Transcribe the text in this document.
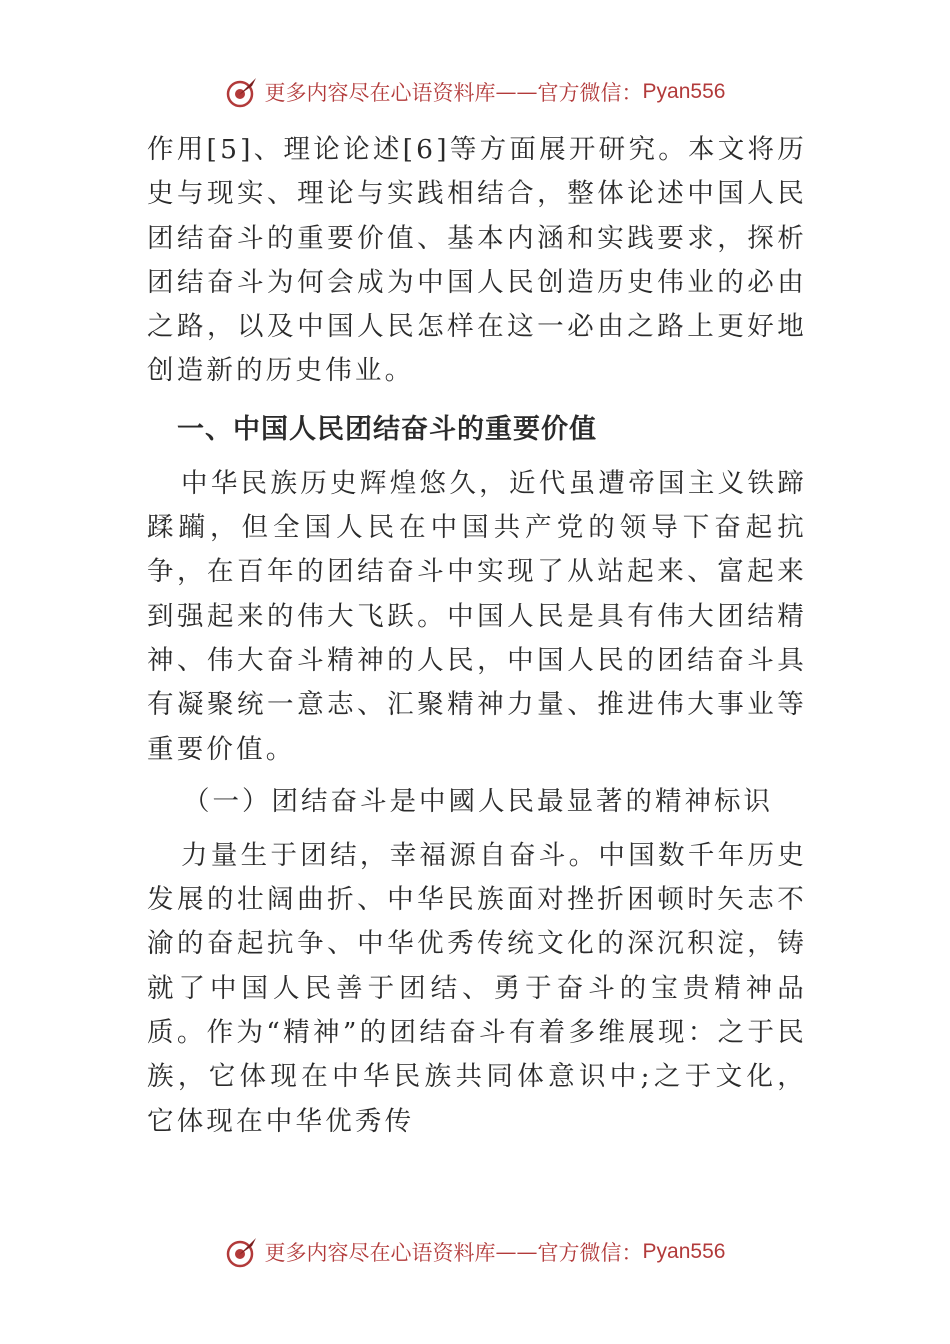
更多内容尽在心语资料库 —— 官方微信： Pyan556

作用[5]、理论论述[6]等方面展开研究。本文将历史与现实、理论与实践相结合，整体论述中国人民团结奋斗的重要价值、基本内涵和实践要求，探析团结奋斗为何会成为中国人民创造历史伟业的必由之路，以及中国人民怎样在这一必由之路上更好地创造新的历史伟业。

一、中国人民团结奋斗的重要价值

中华民族历史辉煌悠久，近代虽遭帝国主义铁蹄蹂躏，但全国人民在中国共产党的领导下奋起抗争，在百年的团结奋斗中实现了从站起来、富起来到强起来的伟大飞跃。中国人民是具有伟大团结精神、伟大奋斗精神的人民，中国人民的团结奋斗具有凝聚统一意志、汇聚精神力量、推进伟大事业等重要价值。

（一）团结奋斗是中國人民最显著的精神标识

力量生于团结，幸福源自奋斗。中国数千年历史发展的壮阔曲折、中华民族面对挫折困顿时矢志不渝的奋起抗争、中华优秀传统文化的深沉积淀，铸就了中国人民善于团结、勇于奋斗的宝贵精神品质。作为“精神”的团结奋斗有着多维展现：之于民族，它体现在中华民族共同体意识中;之于文化，它体现在中华优秀传

更多内容尽在心语资料库 —— 官方微信： Pyan556
